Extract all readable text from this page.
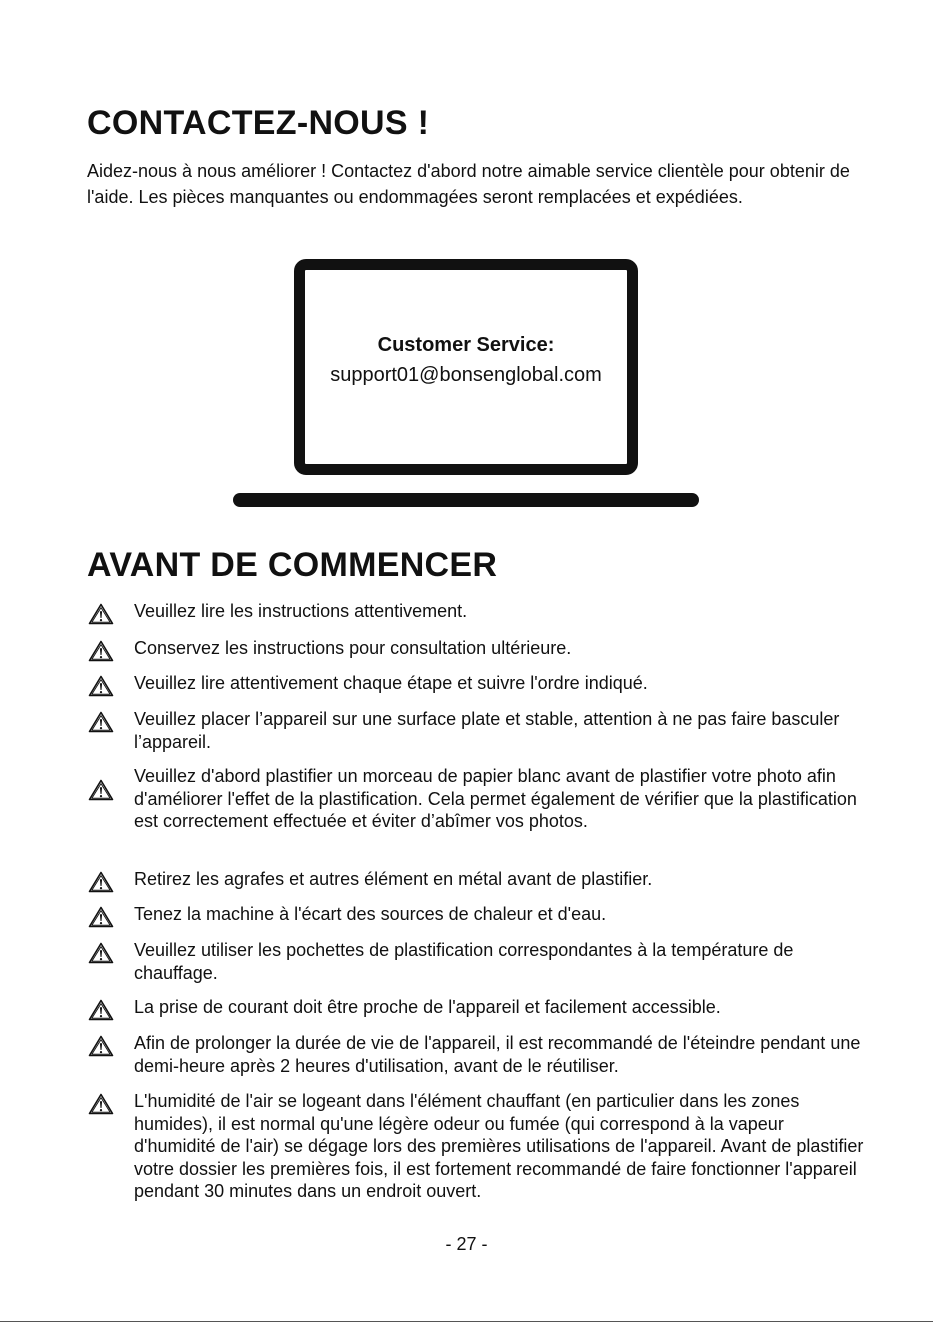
CONTACTEZ-NOUS !

Aidez-nous à nous améliorer ! Contactez d'abord notre aimable service clientèle pour obtenir de l'aide. Les pièces manquantes ou endommagées seront remplacées et expédiées.

Customer Service:
support01@bonsenglobal.com
AVANT DE COMMENCER
Veuillez lire les instructions attentivement.
Conservez les instructions pour consultation ultérieure.
Veuillez lire attentivement chaque étape et suivre l'ordre indiqué.
Veuillez placer l’appareil sur une surface plate et stable, attention à ne pas faire basculer l’appareil.
Veuillez d'abord plastifier un morceau de papier blanc avant de plastifier votre photo afin d'améliorer l'effet de la plastification. Cela permet également de vérifier que la plastification est correctement effectuée et éviter d’abîmer vos photos.
Retirez les agrafes et autres élément en métal avant de plastifier.
Tenez la machine à l'écart des sources de chaleur et d'eau.
Veuillez utiliser les pochettes de plastification correspondantes à la température de chauffage.
La prise de courant doit être proche de l'appareil et facilement accessible.
Afin de prolonger la durée de vie de l'appareil, il est recommandé de l'éteindre pendant une demi-heure après 2 heures d'utilisation, avant de le réutiliser.
L'humidité de l'air se logeant dans l'élément chauffant (en particulier dans les zones humides), il est normal qu'une légère odeur ou fumée (qui correspond à la vapeur d'humidité de l'air) se dégage lors des premières utilisations de l'appareil. Avant de plastifier votre dossier les premières fois, il est fortement recommandé de faire fonctionner l'appareil pendant 30 minutes dans un endroit ouvert.
- 27 -
